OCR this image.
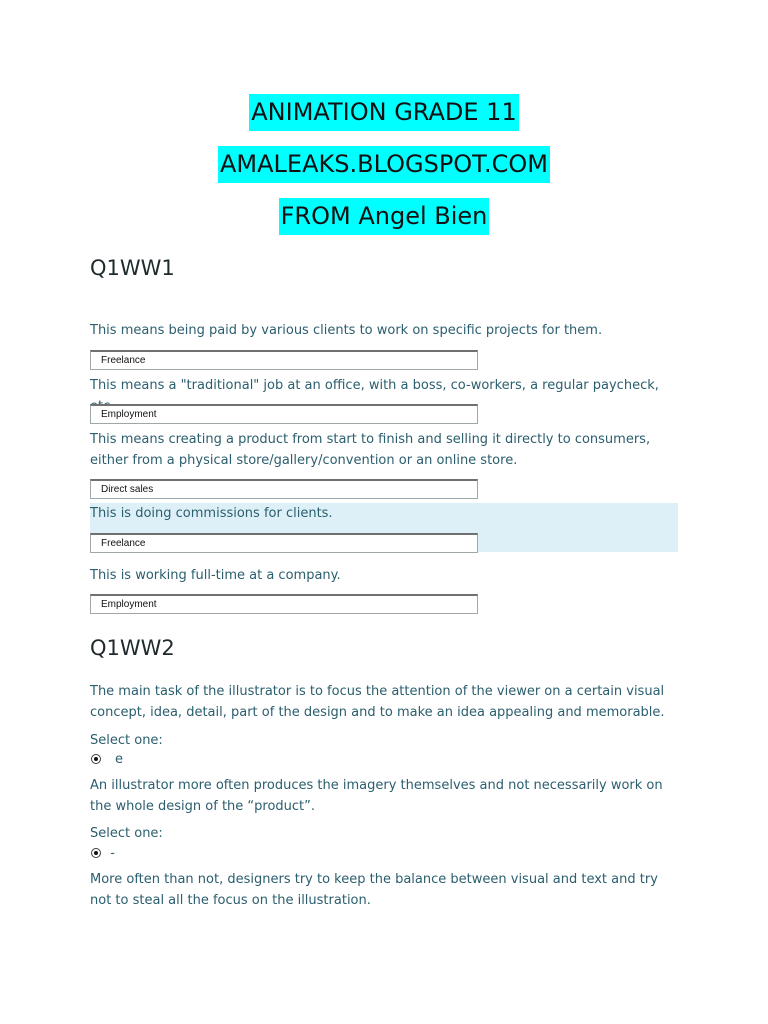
ANIMATION GRADE 11
AMALEAKS.BLOGSPOT.COM
FROM Angel Bien
Q1WW1
This means being paid by various clients to work on specific projects for them.
Freelance
This means a "traditional" job at an office, with a boss, co-workers, a regular paycheck,
Employment
This means creating a product from start to finish and selling it directly to consumers, either from a physical store/gallery/convention or an online store.
Direct sales
This is doing commissions for clients.
Freelance
This is working full-time at a company.
Employment
Q1WW2
The main task of the illustrator is to focus the attention of the viewer on a certain visual concept, idea, detail, part of the design and to make an idea appealing and memorable.
Select one:
e
An illustrator more often produces the imagery themselves and not necessarily work on the whole design of the “product”.
Select one:
More often than not, designers try to keep the balance between visual and text and try not to steal all the focus on the illustration.
